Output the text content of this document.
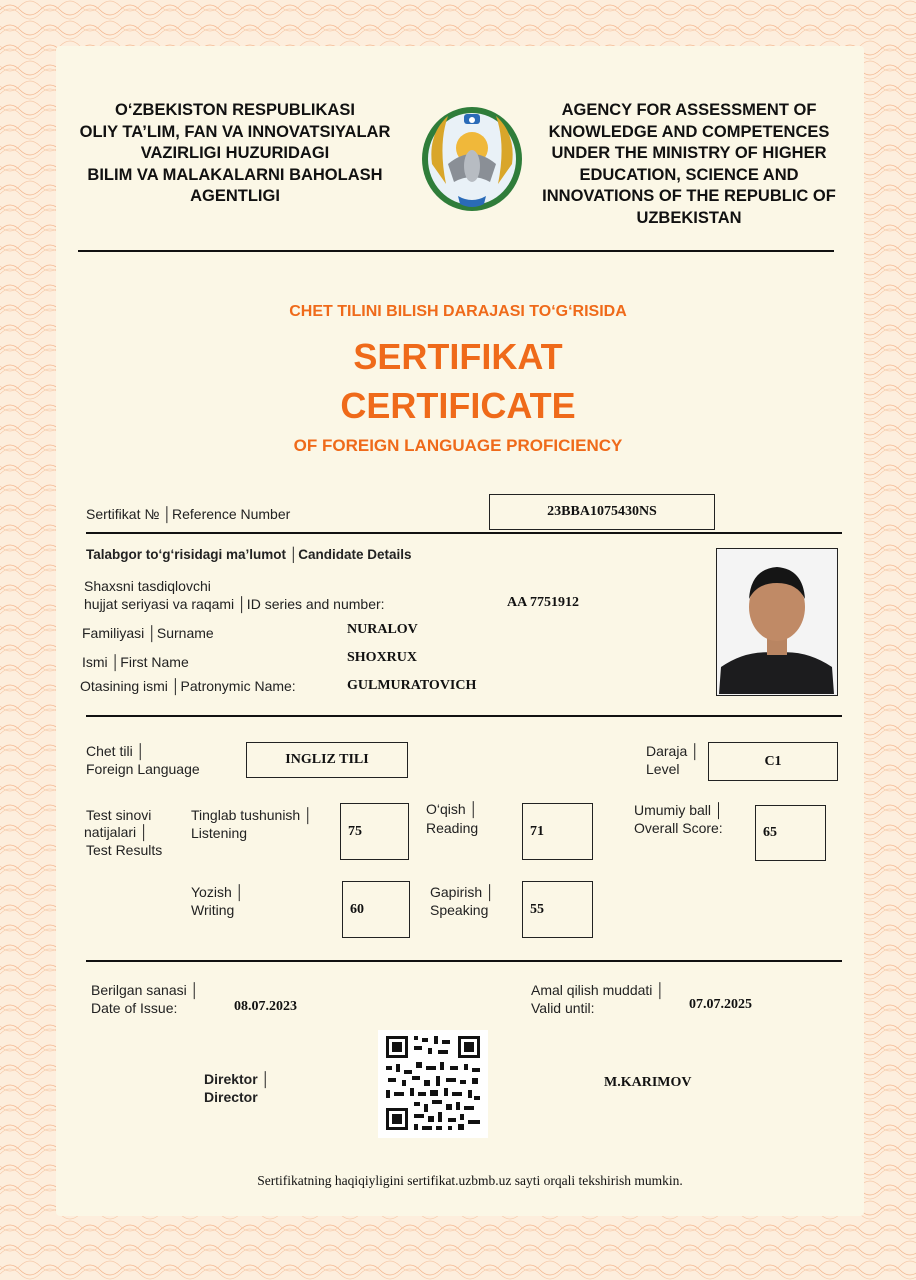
O‘ZBEKISTON RESPUBLIKASI
OLIY TA’LIM, FAN VA INNOVATSIYALAR
VAZIRLIGI HUZURIDAGI
BILIM VA MALAKALARNI BAHOLASH
AGENTLIGI
AGENCY FOR ASSESSMENT OF
KNOWLEDGE AND COMPETENCES
UNDER THE MINISTRY OF HIGHER
EDUCATION, SCIENCE AND
INNOVATIONS OF THE REPUBLIC OF
UZBEKISTAN
CHET TILINI BILISH DARAJASI TO‘G‘RISIDA
SERTIFIKAT
CERTIFICATE
OF FOREIGN LANGUAGE PROFICIENCY
Sertifikat № │Reference Number	23BBA1075430NS
Talabgor to‘g‘risidagi ma’lumot │Candidate Details
Shaxsni tasdiqlovchi
hujjat seriyasi va raqami │ID series and number:	AA 7751912
Familiyasi │Surname	NURALOV
Ismi │First Name	SHOXRUX
Otasining ismi │Patronymic Name:	GULMURATOVICH
Chet tili │
Foreign Language
INGLIZ TILI
Daraja │
Level	C1
Test sinovi
natijalari │
Test Results
Tinglab tushunish │
Listening	75
O‘qish │
Reading	71
Umumiy ball │
Overall Score:	65
Yozish │
Writing	60
Gapirish │
Speaking	55
Berilgan sanasi │
Date of Issue:	08.07.2023
Amal qilish muddati │
Valid until:	07.07.2025
Direktor │
Director
M.KARIMOV
Sertifikatning haqiqiyligini sertifikat.uzbmb.uz sayti orqali tekshirish mumkin.
